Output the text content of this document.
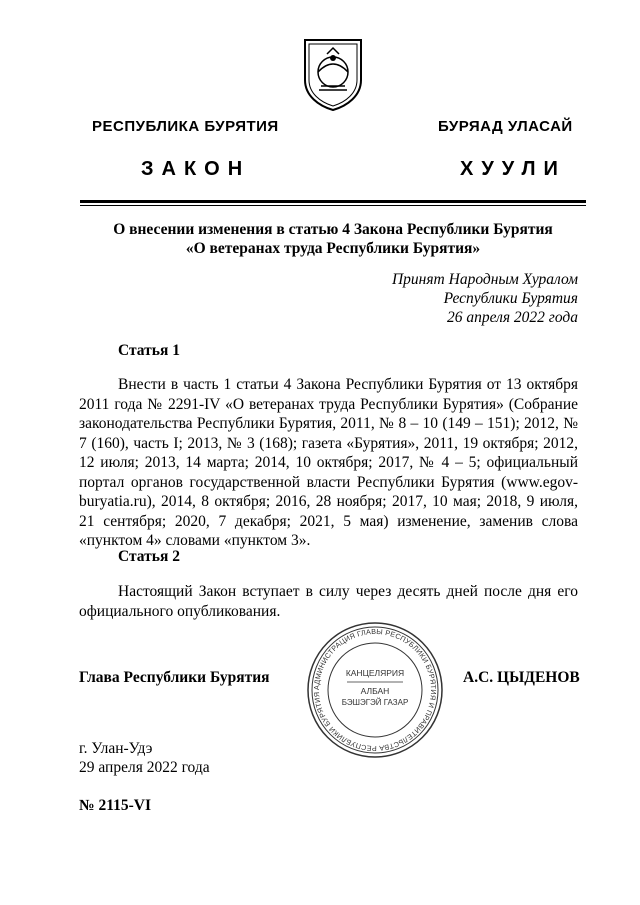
РЕСПУБЛИКА БУРЯТИЯ	БУРЯАД УЛАСАЙ
ЗАКОН	ХУУЛИ
О внесении изменения в статью 4 Закона Республики Бурятия
«О ветеранах труда Республики Бурятия»
Принят Народным Хуралом
Республики Бурятия
26 апреля 2022 года
Статья 1
Внести в часть 1 статьи 4 Закона Республики Бурятия от 13 октября 2011 года № 2291-IV «О ветеранах труда Республики Бурятия» (Собрание законодательства Республики Бурятия, 2011, № 8 – 10 (149 – 151); 2012, № 7 (160), часть I; 2013, № 3 (168); газета «Бурятия», 2011, 19 октября; 2012, 12 июля; 2013, 14 марта; 2014, 10 октября; 2017, № 4 – 5; официальный портал органов государственной власти Республики Бурятия (www.egov-buryatia.ru), 2014, 8 октября; 2016, 28 ноября; 2017, 10 мая; 2018, 9 июля, 21 сентября; 2020, 7 декабря; 2021, 5 мая) изменение, заменив слова «пунктом 4» словами «пунктом 3».
Статья 2
Настоящий Закон вступает в силу через десять дней после дня его официального опубликования.
Глава Республики Бурятия
АДМИНИСТРАЦИЯ ГЛАВЫ РЕСПУБЛИКИ БУРЯТИЯ И ПРАВИТЕЛЬСТВА РЕСПУБЛИКИ БУРЯТИЯ
КАНЦЕЛЯРИЯ
АЛБАН
БЭШЭГЭЙ ГАЗАР
А.С. ЦЫДЕНОВ
г. Улан-Удэ
29 апреля 2022 года
№ 2115-VI
